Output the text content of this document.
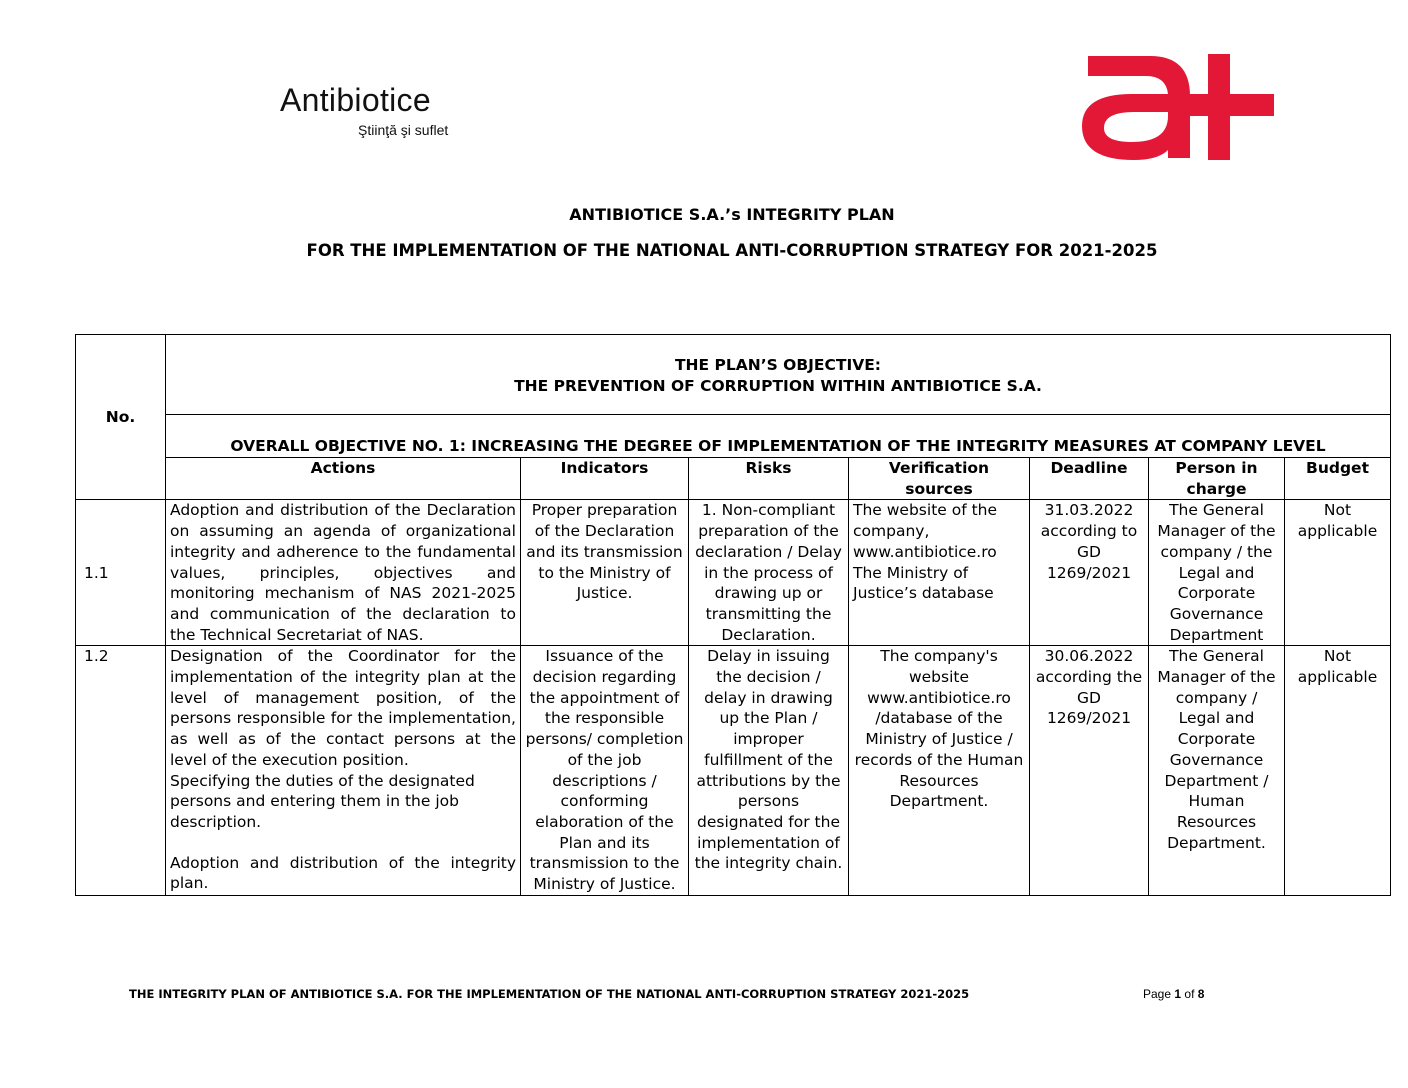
Antibiotice
Ştiinţă şi suflet
ANTIBIOTICE S.A.’s INTEGRITY PLAN
FOR THE IMPLEMENTATION OF THE NATIONAL ANTI-CORRUPTION STRATEGY FOR 2021-2025
No.	THE PLAN’S OBJECTIVE:
THE PREVENTION OF CORRUPTION WITHIN ANTIBIOTICE S.A.						

	OVERALL OBJECTIVE NO. 1: INCREASING THE DEGREE OF IMPLEMENTATION OF THE INTEGRITY MEASURES AT COMPANY LEVEL						
	Actions	Indicators	Risks	Verification sources	Deadline	Person in charge	Budget
1.1	Adoption and distribution of the Declaration on assuming an agenda of organizational integrity and adherence to the fundamental values, principles, objectives and monitoring mechanism of NAS 2021-2025 and communication of the declaration to the Technical Secretariat of NAS.	Proper preparation of the Declaration and its transmission to the Ministry of Justice.	1. Non-compliant preparation of the declaration / Delay in the process of drawing up or transmitting the Declaration.	The website of the company, www.antibiotice.ro The Ministry of Justice’s database	31.03.2022 according to GD 1269/2021	The General Manager of the company / the Legal and Corporate Governance Department	Not applicable
1.2	Designation of the Coordinator for the implementation of the integrity plan at the level of management position, of the persons responsible for the implementation, as well as of the contact persons at the level of the execution position.
Specifying the duties of the designated persons and entering them in the job description.
Adoption and distribution of the integrity plan.	Issuance of the decision regarding the appointment of the responsible persons/ completion of the job descriptions / conforming elaboration of the Plan and its transmission to the Ministry of Justice.	Delay in issuing the decision / delay in drawing up the Plan / improper fulfillment of the attributions by the persons designated for the implementation of the integrity chain.	The company's website www.antibiotice.ro /database of the Ministry of Justice / records of the Human Resources Department.	30.06.2022 according the GD 1269/2021	The General Manager of the company / Legal and Corporate Governance Department / Human Resources Department.	Not applicable
THE INTEGRITY PLAN OF ANTIBIOTICE S.A. FOR THE IMPLEMENTATION OF THE NATIONAL ANTI-CORRUPTION STRATEGY 2021-2025	Page 1 of 8
